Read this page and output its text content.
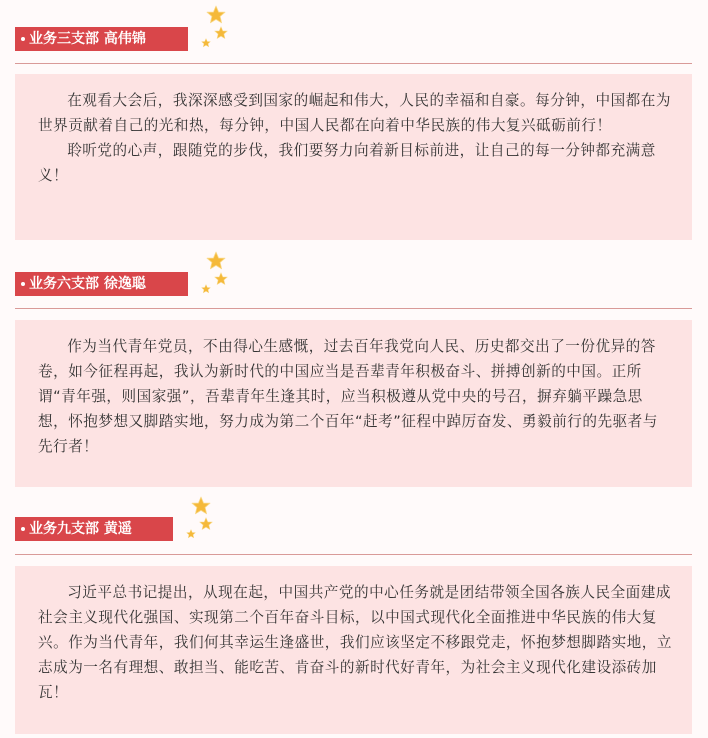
业务三支部 高伟锦

在观看大会后，我深深感受到国家的崛起和伟大，人民的幸福和自豪。每分钟，中国都在为世界贡献着自己的光和热，每分钟，中国人民都在向着中华民族的伟大复兴砥砺前行！

聆听党的心声，跟随党的步伐，我们要努力向着新目标前进，让自己的每一分钟都充满意义！

业务六支部 徐逸聪

作为当代青年党员，不由得心生感慨，过去百年我党向人民、历史都交出了一份优异的答卷，如今征程再起，我认为新时代的中国应当是吾辈青年积极奋斗、拼搏创新的中国。正所谓“青年强，则国家强”，吾辈青年生逢其时，应当积极遵从党中央的号召，摒弃躺平躁急思想，怀抱梦想又脚踏实地，努力成为第二个百年“赶考”征程中踔厉奋发、勇毅前行的先驱者与先行者！

业务九支部 黄遥

习近平总书记提出，从现在起，中国共产党的中心任务就是团结带领全国各族人民全面建成社会主义现代化强国、实现第二个百年奋斗目标，以中国式现代化全面推进中华民族的伟大复兴。作为当代青年，我们何其幸运生逢盛世，我们应该坚定不移跟党走，怀抱梦想脚踏实地，立志成为一名有理想、敢担当、能吃苦、肯奋斗的新时代好青年，为社会主义现代化建设添砖加瓦！
